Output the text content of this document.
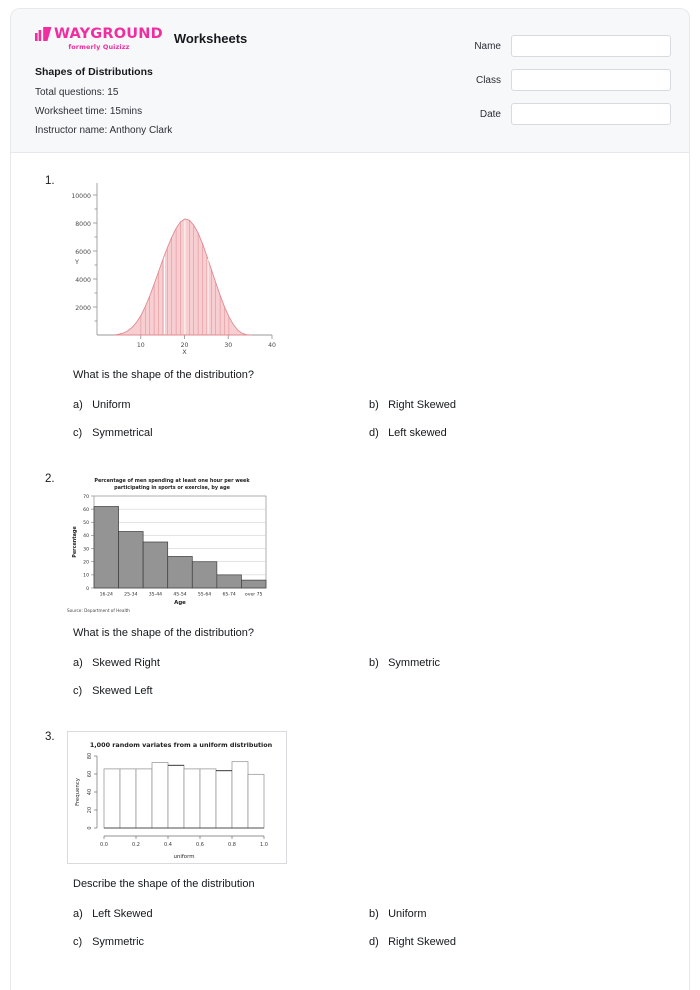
WAYGROUND
formerly Quizizz
Worksheets
Shapes of Distributions
Total questions: 15
Worksheet time: 15mins
Instructor name: Anthony Clark
Name
Class
Date
1.
10000
8000
6000
4000
2000
Y
10	20	30	40
X

What is the shape of the distribution?

a) Uniform	b) Right Skewed
c) Symmetrical	d) Left skewed
2.	Percentage of men spending at least one hour per week
participating in sports or exercise, by age
70
60
50
40
30
20
10
0
Percentage
16-24 25-34 35-44 45-54 55-64 65-74 over 75
Age
Source: Department of Health

What is the shape of the distribution?

a) Skewed Right	b) Symmetric
c) Skewed Left
3.
1,000 random variates from a uniform distribution
0
20
40
60
80
Frequency
0.0	0.2	0.4	0.6	0.8	1.0
uniform

Describe the shape of the distribution

a) Left Skewed	b) Uniform
c) Symmetric	d) Right Skewed
